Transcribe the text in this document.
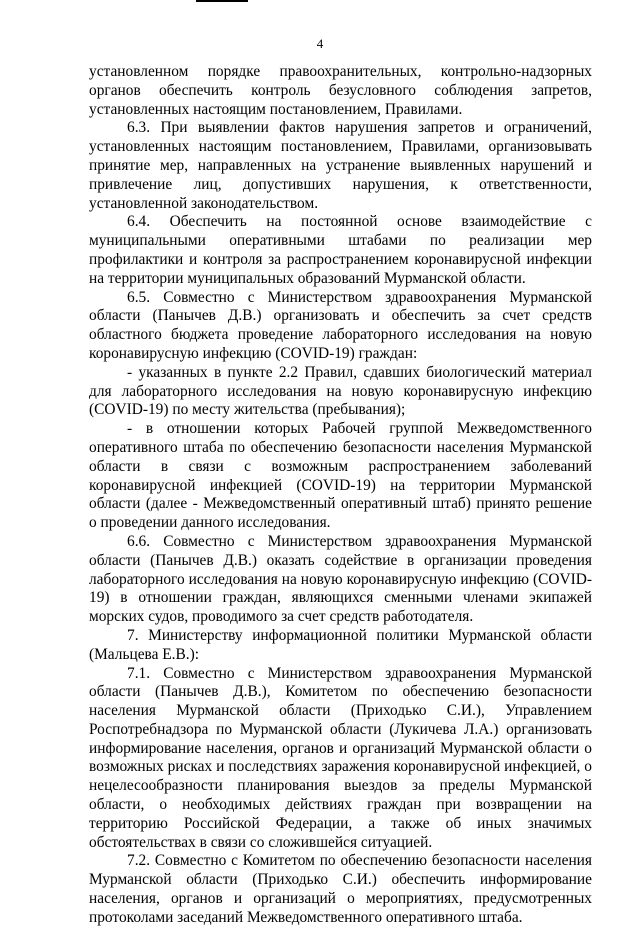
4

установленном порядке правоохранительных, контрольно-надзорных органов обеспечить контроль безусловного соблюдения запретов, установленных настоящим постановлением, Правилами.

6.3. При выявлении фактов нарушения запретов и ограничений, установленных настоящим постановлением, Правилами, организовывать принятие мер, направленных на устранение выявленных нарушений и привлечение лиц, допустивших нарушения, к ответственности, установленной законодательством.

6.4. Обеспечить на постоянной основе взаимодействие с муниципальными оперативными штабами по реализации мер профилактики и контроля за распространением коронавирусной инфекции на территории муниципальных образований Мурманской области.

6.5. Совместно с Министерством здравоохранения Мурманской области (Панычев Д.В.) организовать и обеспечить за счет средств областного бюджета проведение лабораторного исследования на новую коронавирусную инфекцию (COVID-19) граждан:

- указанных в пункте 2.2 Правил, сдавших биологический материал для лабораторного исследования на новую коронавирусную инфекцию (COVID-19) по месту жительства (пребывания);

- в отношении которых Рабочей группой Межведомственного оперативного штаба по обеспечению безопасности населения Мурманской области в связи с возможным распространением заболеваний коронавирусной инфекцией (COVID-19) на территории Мурманской области (далее - Межведомственный оперативный штаб) принято решение о проведении данного исследования.

6.6. Совместно с Министерством здравоохранения Мурманской области (Панычев Д.В.) оказать содействие в организации проведения лабораторного исследования на новую коронавирусную инфекцию (COVID-19) в отношении граждан, являющихся сменными членами экипажей морских судов, проводимого за счет средств работодателя.

7. Министерству информационной политики Мурманской области (Мальцева Е.В.):

7.1. Совместно с Министерством здравоохранения Мурманской области (Панычев Д.В.), Комитетом по обеспечению безопасности населения Мурманской области (Приходько С.И.), Управлением Роспотребнадзора по Мурманской области (Лукичева Л.А.) организовать информирование населения, органов и организаций Мурманской области о возможных рисках и последствиях заражения коронавирусной инфекцией, о нецелесообразности планирования выездов за пределы Мурманской области, о необходимых действиях граждан при возвращении на территорию Российской Федерации, а также об иных значимых обстоятельствах в связи со сложившейся ситуацией.

7.2. Совместно с Комитетом по обеспечению безопасности населения Мурманской области (Приходько С.И.) обеспечить информирование населения, органов и организаций о мероприятиях, предусмотренных протоколами заседаний Межведомственного оперативного штаба.
